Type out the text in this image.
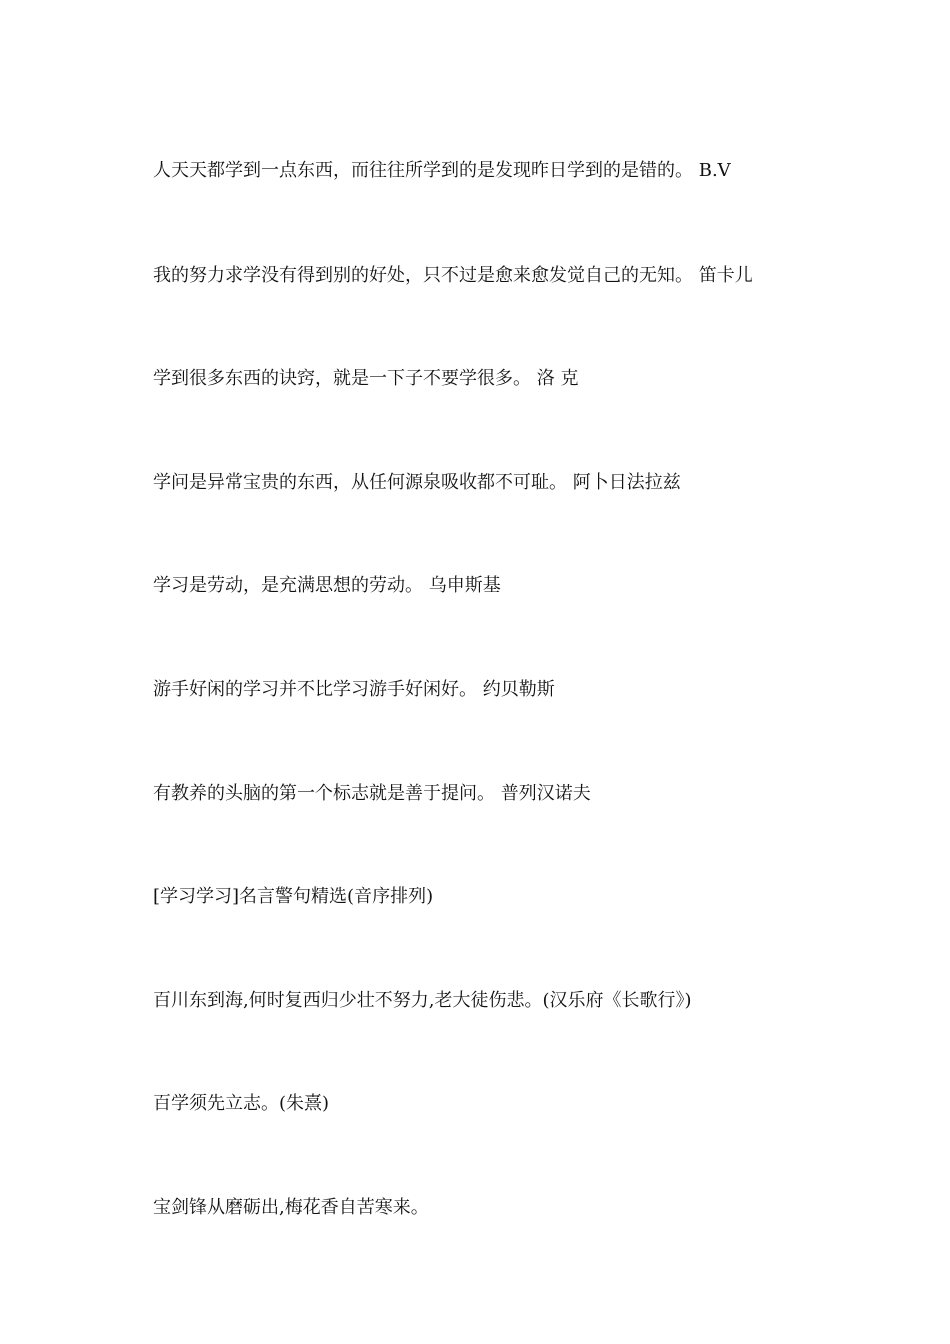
人天天都学到一点东西，而往往所学到的是发现昨日学到的是错的。 B.V
我的努力求学没有得到别的好处，只不过是愈来愈发觉自己的无知。 笛卡儿
学到很多东西的诀窍，就是一下子不要学很多。 洛 克
学问是异常宝贵的东西，从任何源泉吸收都不可耻。 阿卜日法拉兹
学习是劳动，是充满思想的劳动。 乌申斯基
游手好闲的学习并不比学习游手好闲好。 约贝勒斯
有教养的头脑的第一个标志就是善于提问。 普列汉诺夫
[学习学习]名言警句精选(音序排列)
百川东到海,何时复西归少壮不努力,老大徒伤悲。(汉乐府《长歌行》)
百学须先立志。(朱熹)
宝剑锋从磨砺出,梅花香自苦寒来。
